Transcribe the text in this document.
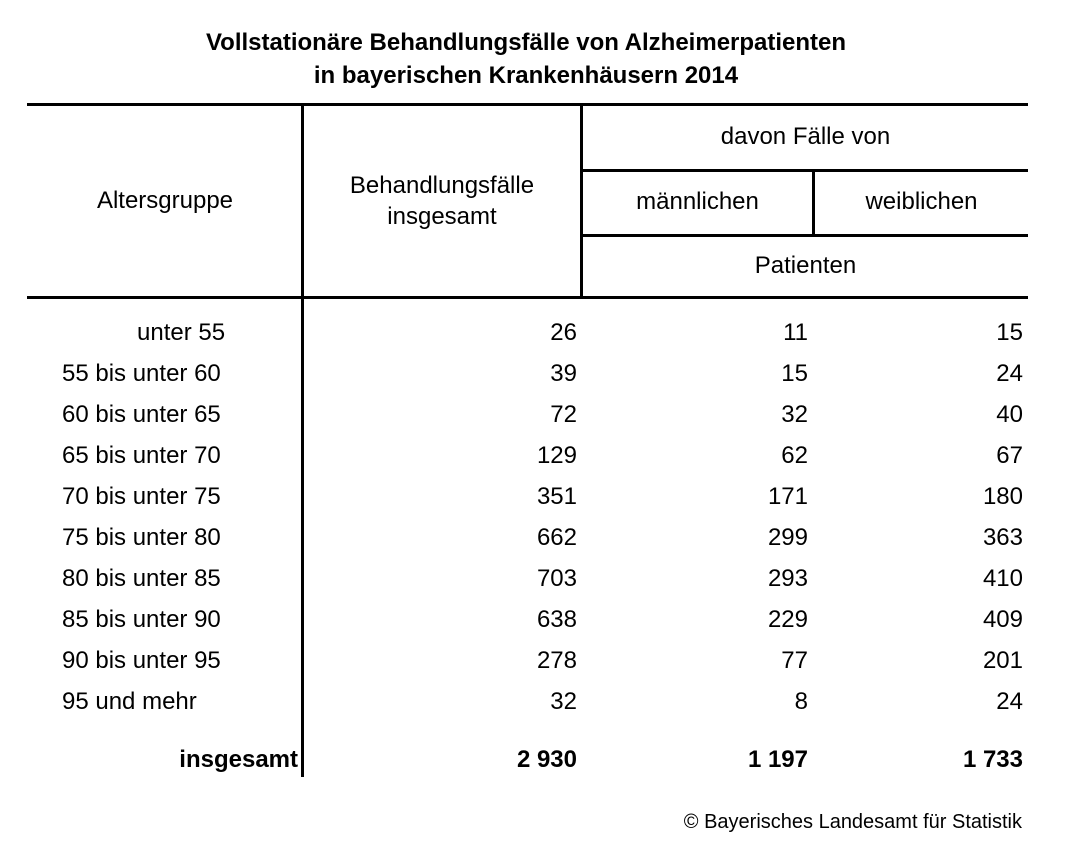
Vollstationäre Behandlungsfälle von Alzheimerpatienten
in bayerischen Krankenhäusern 2014
Altersgruppe
Behandlungsfälle
insgesamt
davon Fälle von
männlichen	weiblichen
Patienten
unter 55	26	11	15
55 bis unter 60	39	15	24
60 bis unter 65	72	32	40
65 bis unter 70	129	62	67
70 bis unter 75	351	171	180
75 bis unter 80	662	299	363
80 bis unter 85	703	293	410
85 bis unter 90	638	229	409
90 bis unter 95	278	77	201
95 und mehr	32	8	24
insgesamt	2 930	1 197	1 733
© Bayerisches Landesamt für Statistik
